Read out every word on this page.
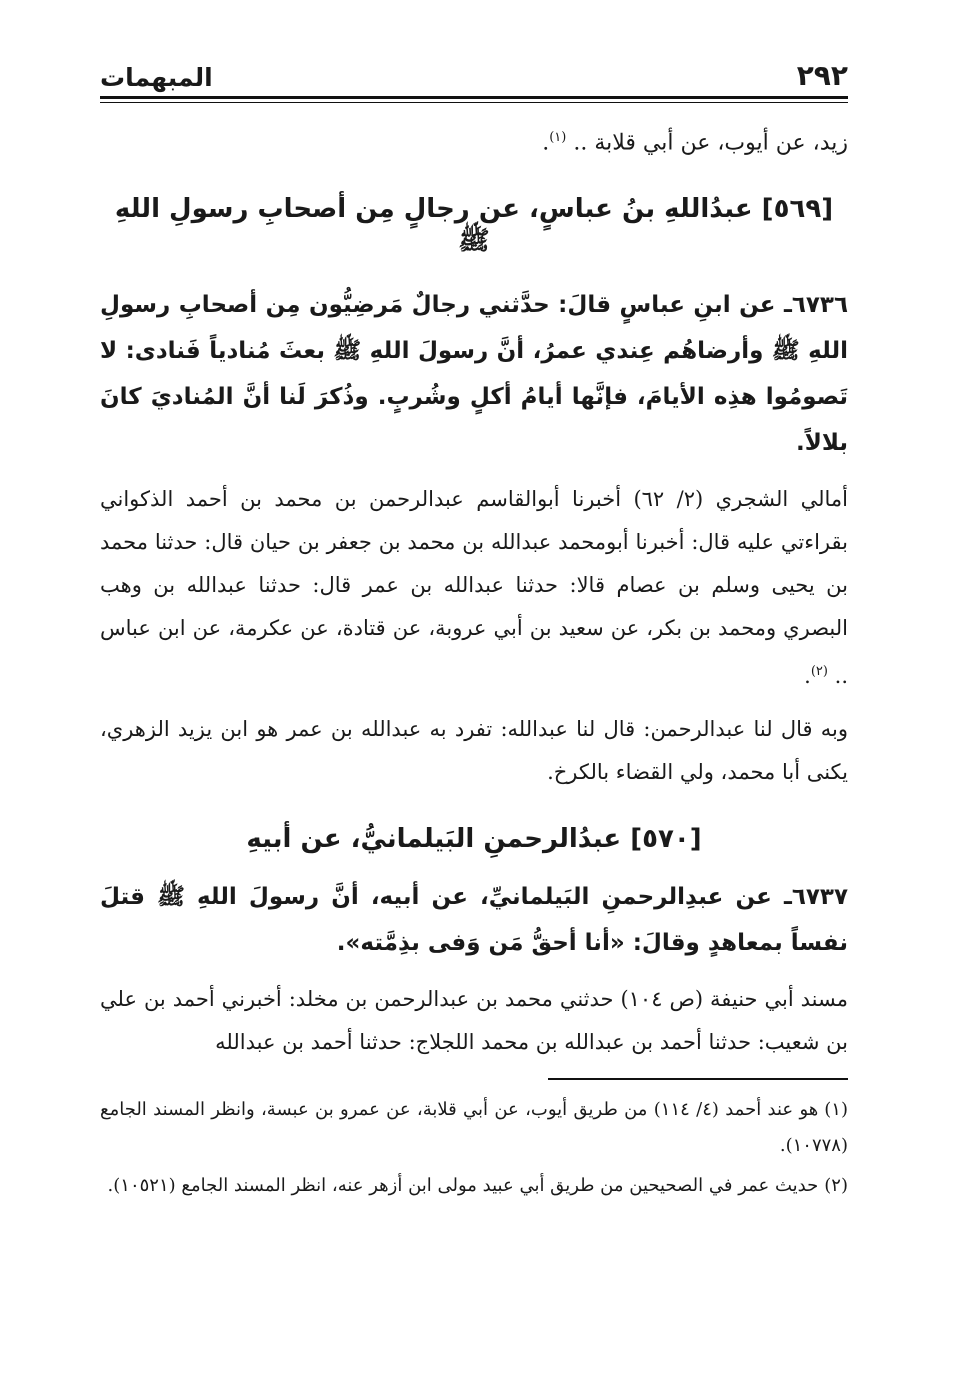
٢٩٢
المبهمات

زيد، عن أيوب، عن أبي قلابة .. $^{(١)}$.

[٥٦٩] عبدُاللهِ بنُ عباسٍ، عن رجالٍ مِن أصحابِ رسولِ اللهِ ﷺ

٦٧٣٦ـ عن ابنِ عباسٍ قالَ: حدَّثني رجالٌ مَرضِيُّون مِن أصحابِ رسولِ اللهِ ﷺ وأرضاهُم عِندي عمرُ، أنَّ رسولَ اللهِ ﷺ بعثَ مُنادياً فَنادى: لا تَصومُوا هذِه الأيامَ، فإنَّها أيامُ أكلٍ وشُربٍ. وذُكرَ لَنا أنَّ المُناديَ كانَ بلالاً.

أمالي الشجري (٢/ ٦٢) أخبرنا أبوالقاسم عبدالرحمن بن محمد بن أحمد الذكواني بقراءتي عليه قال: أخبرنا أبومحمد عبدالله بن محمد بن جعفر بن حيان قال: حدثنا محمد بن يحيى وسلم بن عصام قالا: حدثنا عبدالله بن عمر قال: حدثنا عبدالله بن وهب البصري ومحمد بن بكر، عن سعيد بن أبي عروبة، عن قتادة، عن عكرمة، عن ابن عباس .. $^{(٢)}$.

وبه قال لنا عبدالرحمن: قال لنا عبدالله: تفرد به عبدالله بن عمر هو ابن يزيد الزهري، يكنى أبا محمد، ولي القضاء بالكرخ.

[٥٧٠] عبدُالرحمنِ البَيلمانيُّ، عن أبيهِ

٦٧٣٧ـ عن عبدِالرحمنِ البَيلمانيِّ، عن أبيه، أنَّ رسولَ اللهِ ﷺ قتلَ نفساً بمعاهدٍ وقالَ: «أنا أحقُّ مَن وَفى بذِمَّته».

مسند أبي حنيفة (ص ١٠٤) حدثني محمد بن عبدالرحمن بن مخلد: أخبرني أحمد بن علي بن شعيب: حدثنا أحمد بن عبدالله بن محمد اللجلاج: حدثنا أحمد بن عبدالله

(١)هو عند أحمد (٤/ ١١٤) من طريق أيوب، عن أبي قلابة، عن عمرو بن عبسة، وانظر المسند الجامع (١٠٧٧٨).

(٢)حديث عمر في الصحيحين من طريق أبي عبيد مولى ابن أزهر عنه، انظر المسند الجامع (١٠٥٢١).
